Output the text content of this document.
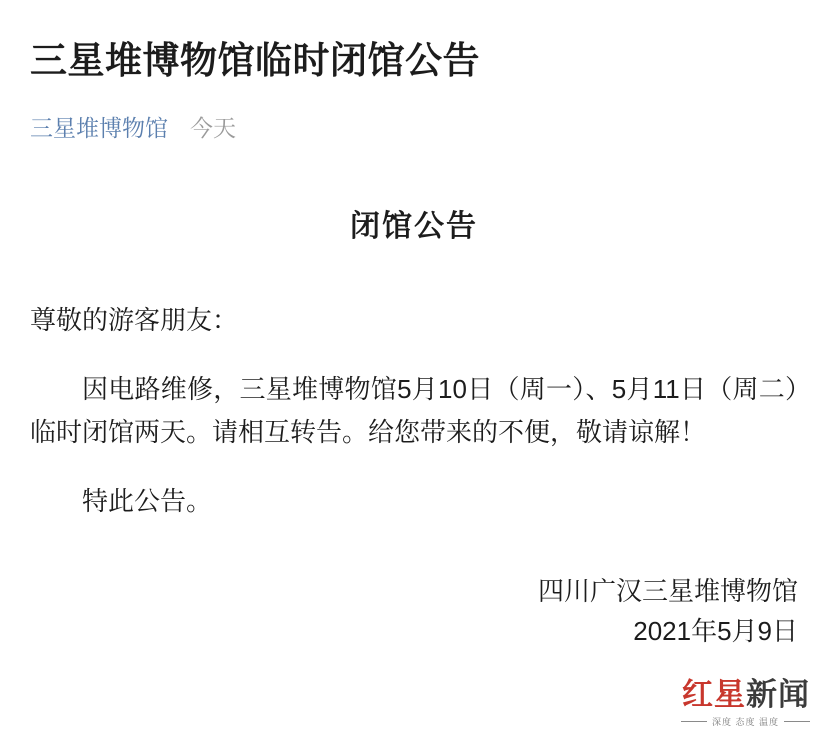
三星堆博物馆临时闭馆公告
三星堆博物馆 今天
闭馆公告
尊敬的游客朋友：

因电路维修，三星堆博物馆5月10日（周一）、5月11日（周二）临时闭馆两天。请相互转告。给您带来的不便，敬请谅解！

特此公告。

四川广汉三星堆博物馆
2021年5月9日
红星新闻
深度 态度 温度
